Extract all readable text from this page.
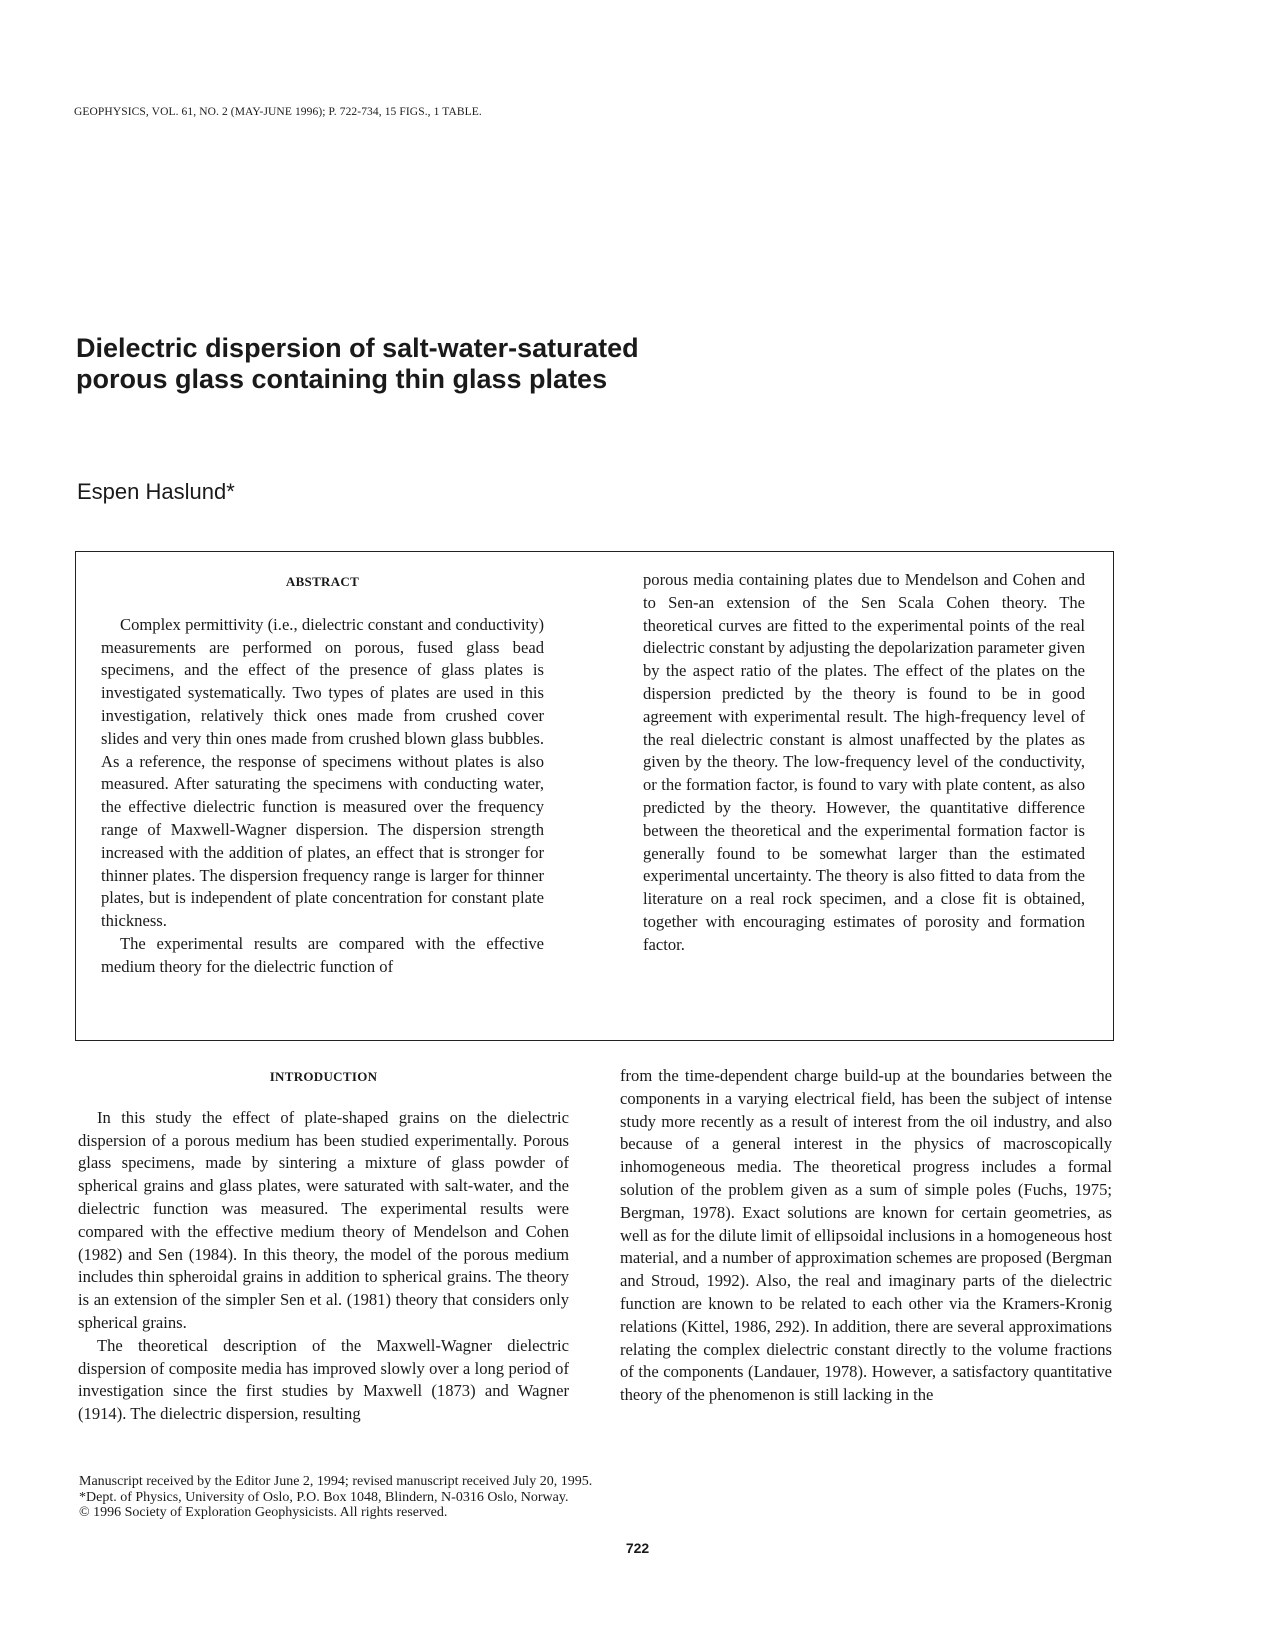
GEOPHYSICS, VOL. 61, NO. 2 (MAY-JUNE 1996); P. 722-734, 15 FIGS., 1 TABLE.
Dielectric dispersion of salt-water-saturated
porous glass containing thin glass plates
Espen Haslund*
ABSTRACT

Complex permittivity (i.e., dielectric constant and conductivity) measurements are performed on porous, fused glass bead specimens, and the effect of the presence of glass plates is investigated systematically. Two types of plates are used in this investigation, relatively thick ones made from crushed cover slides and very thin ones made from crushed blown glass bubbles. As a reference, the response of specimens without plates is also measured. After saturating the specimens with conducting water, the effective dielectric function is measured over the frequency range of Maxwell-Wagner dispersion. The dispersion strength increased with the addition of plates, an effect that is stronger for thinner plates. The dispersion frequency range is larger for thinner plates, but is independent of plate concentration for constant plate thickness.

The experimental results are compared with the effective medium theory for the dielectric function of

porous media containing plates due to Mendelson and Cohen and to Sen-an extension of the Sen Scala Cohen theory. The theoretical curves are fitted to the experimental points of the real dielectric constant by adjusting the depolarization parameter given by the aspect ratio of the plates. The effect of the plates on the dispersion predicted by the theory is found to be in good agreement with experimental result. The high-frequency level of the real dielectric constant is almost unaffected by the plates as given by the theory. The low-frequency level of the conductivity, or the formation factor, is found to vary with plate content, as also predicted by the theory. However, the quantitative difference between the theoretical and the experimental formation factor is generally found to be somewhat larger than the estimated experimental uncertainty. The theory is also fitted to data from the literature on a real rock specimen, and a close fit is obtained, together with encouraging estimates of porosity and formation factor.

INTRODUCTION

In this study the effect of plate-shaped grains on the dielectric dispersion of a porous medium has been studied experimentally. Porous glass specimens, made by sintering a mixture of glass powder of spherical grains and glass plates, were saturated with salt-water, and the dielectric function was measured. The experimental results were compared with the effective medium theory of Mendelson and Cohen (1982) and Sen (1984). In this theory, the model of the porous medium includes thin spheroidal grains in addition to spherical grains. The theory is an extension of the simpler Sen et al. (1981) theory that considers only spherical grains.

The theoretical description of the Maxwell-Wagner dielectric dispersion of composite media has improved slowly over a long period of investigation since the first studies by Maxwell (1873) and Wagner (1914). The dielectric dispersion, resulting

from the time-dependent charge build-up at the boundaries between the components in a varying electrical field, has been the subject of intense study more recently as a result of interest from the oil industry, and also because of a general interest in the physics of macroscopically inhomogeneous media. The theoretical progress includes a formal solution of the problem given as a sum of simple poles (Fuchs, 1975; Bergman, 1978). Exact solutions are known for certain geometries, as well as for the dilute limit of ellipsoidal inclusions in a homogeneous host material, and a number of approximation schemes are proposed (Bergman and Stroud, 1992). Also, the real and imaginary parts of the dielectric function are known to be related to each other via the Kramers-Kronig relations (Kittel, 1986, 292). In addition, there are several approximations relating the complex dielectric constant directly to the volume fractions of the components (Landauer, 1978). However, a satisfactory quantitative theory of the phenomenon is still lacking in the

Manuscript received by the Editor June 2, 1994; revised manuscript received July 20, 1995.
*Dept. of Physics, University of Oslo, P.O. Box 1048, Blindern, N-0316 Oslo, Norway.
© 1996 Society of Exploration Geophysicists. All rights reserved.
722
